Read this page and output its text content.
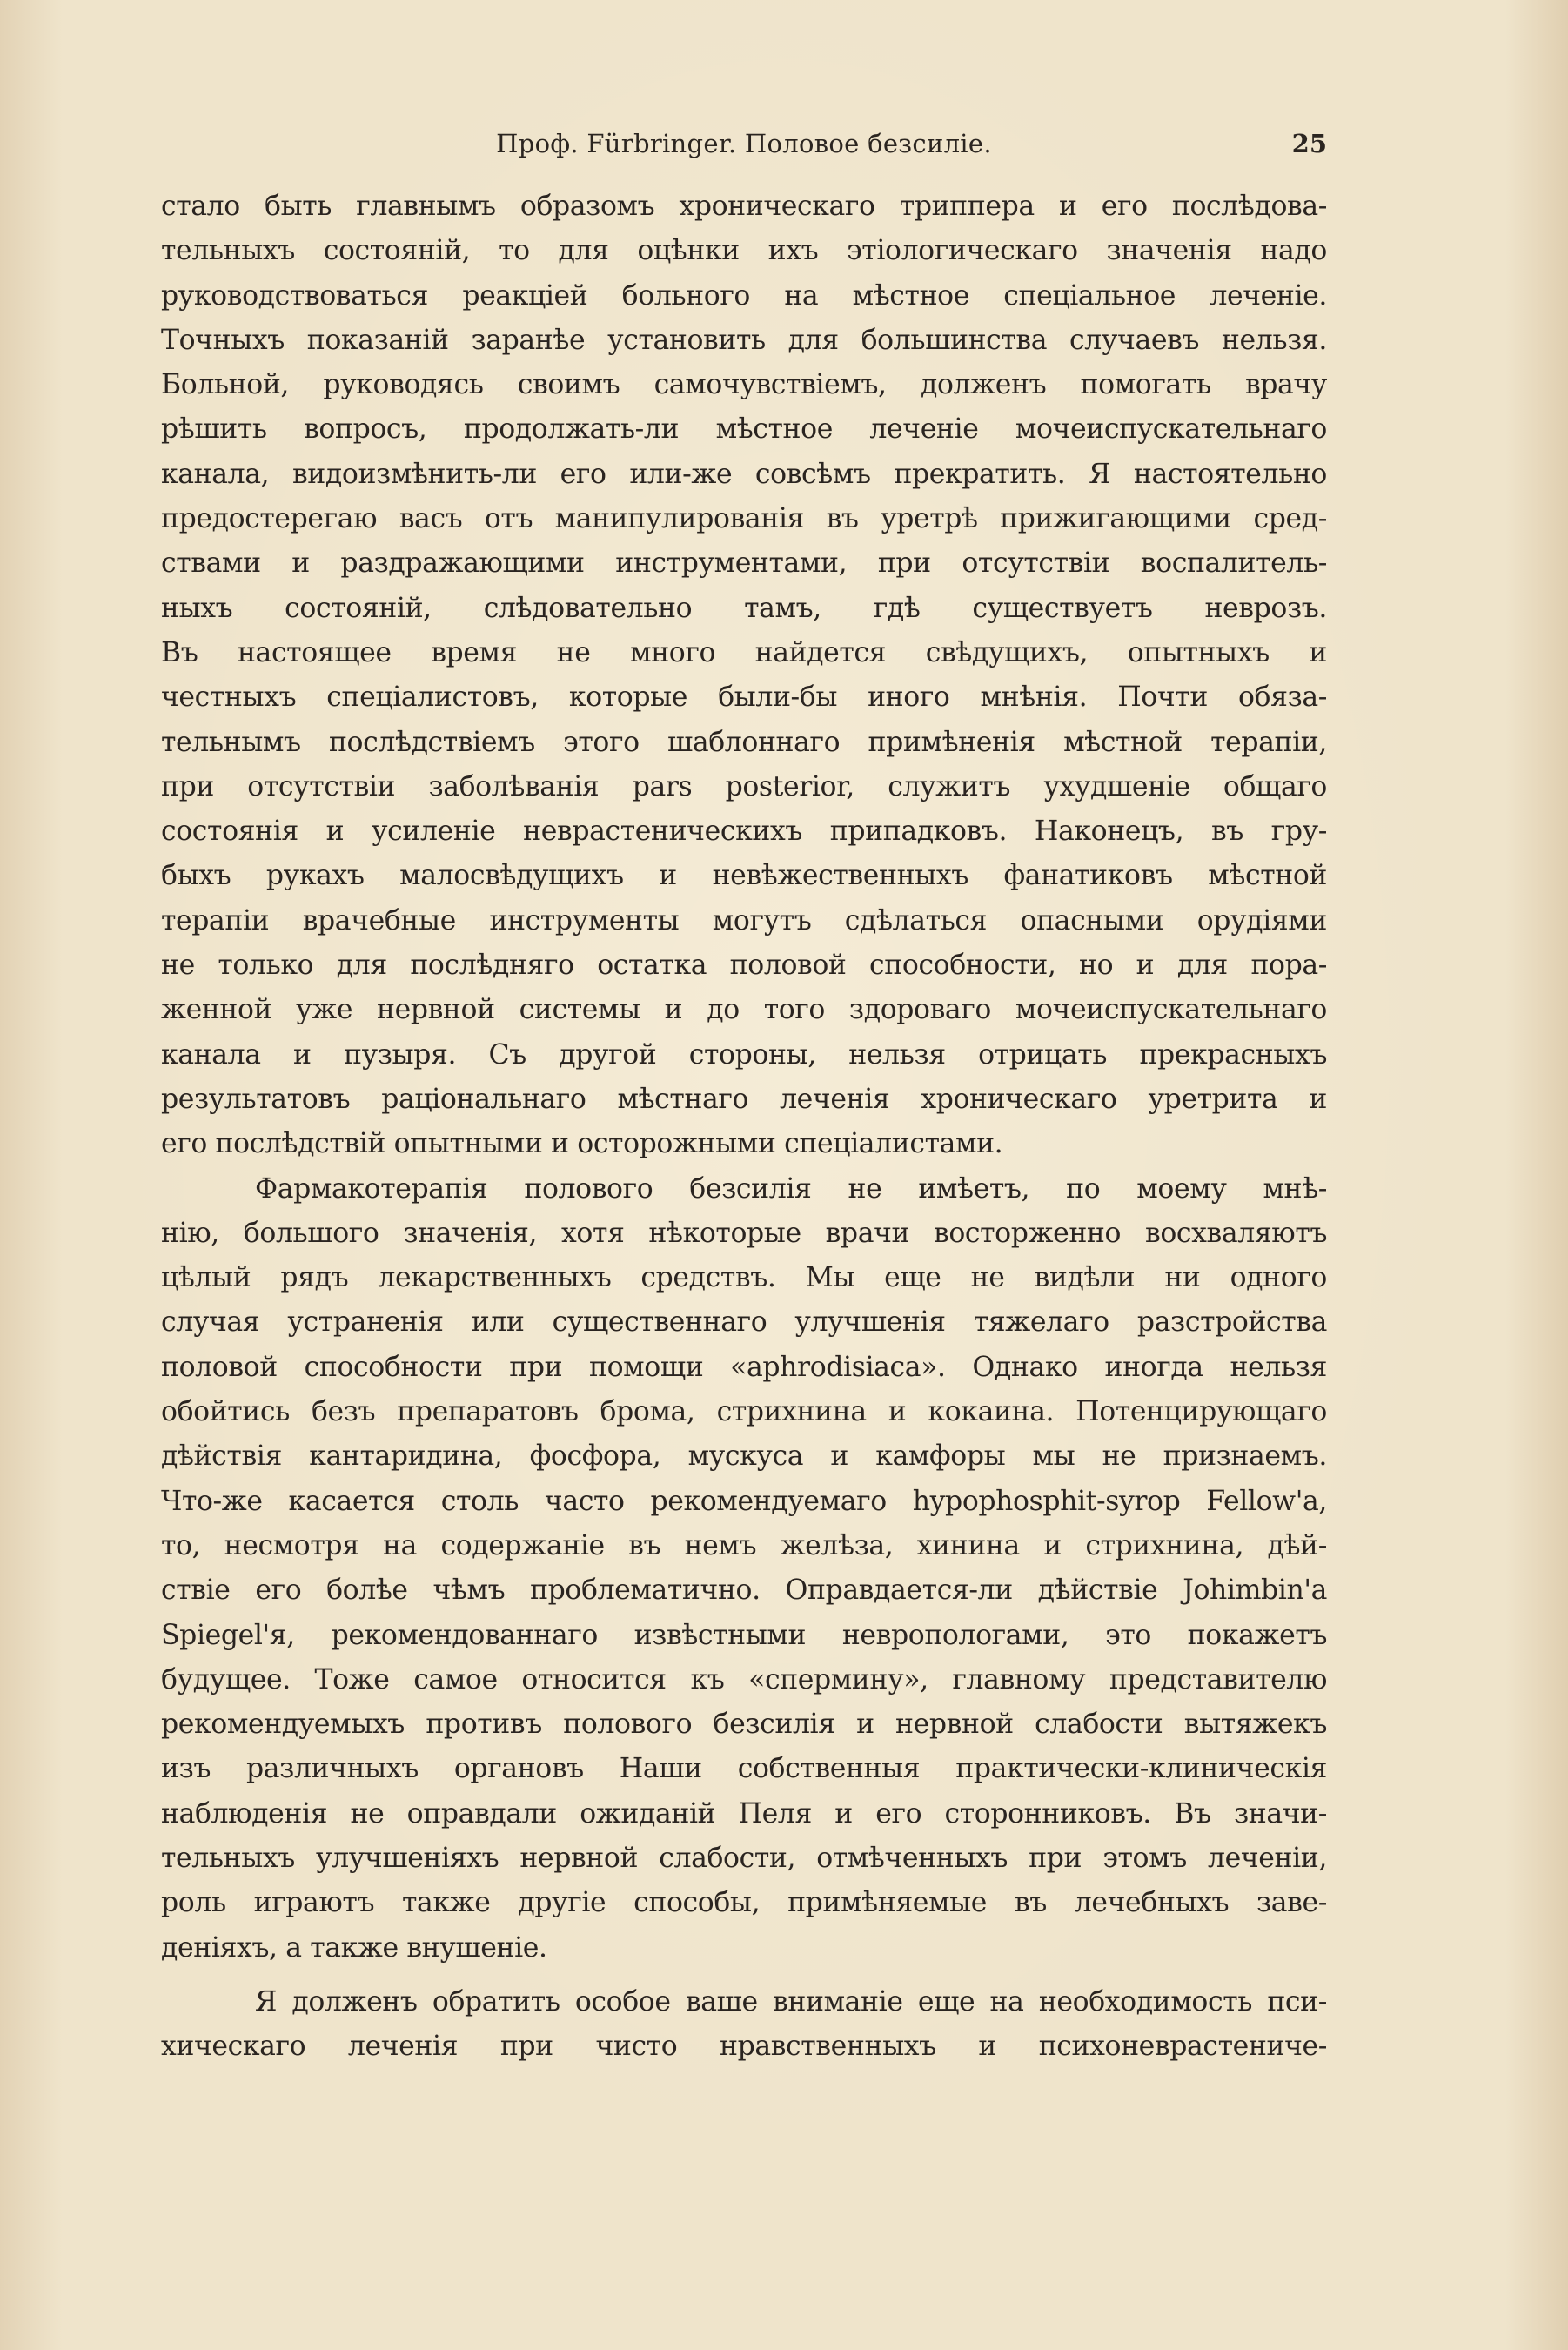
Проф. Fürbringer. Половое безсиліе.	25
стало быть главнымъ образомъ хроническаго триппера и его послѣдова-
тельныхъ состояній, то для оцѣнки ихъ этіологическаго значенія надо
руководствоваться реакціей больного на мѣстное спеціальное леченіе.
Точныхъ показаній заранѣе установить для большинства случаевъ нельзя.
Больной, руководясь своимъ самочувствіемъ, долженъ помогать врачу
рѣшить вопросъ, продолжать-ли мѣстное леченіе мочеиспускательнаго
канала, видоизмѣнить-ли его или-же совсѣмъ прекратить. Я настоятельно
предостерегаю васъ отъ манипулированія въ уретрѣ прижигающими сред-
ствами и раздражающими инструментами, при отсутствіи воспалитель-
ныхъ состояній, слѣдовательно тамъ, гдѣ существуетъ неврозъ.
Въ настоящее время не много найдется свѣдущихъ, опытныхъ и
честныхъ спеціалистовъ, которые были-бы иного мнѣнія. Почти обяза-
тельнымъ послѣдствіемъ этого шаблоннаго примѣненія мѣстной терапіи,
при отсутствіи заболѣванія pars posterior, служитъ ухудшеніе общаго
состоянія и усиленіе неврастеническихъ припадковъ. Наконецъ, въ гру-
быхъ рукахъ малосвѣдущихъ и невѣжественныхъ фанатиковъ мѣстной
терапіи врачебные инструменты могутъ сдѣлаться опасными орудіями
не только для послѣдняго остатка половой способности, но и для пора-
женной уже нервной системы и до того здороваго мочеиспускательнаго
канала и пузыря. Съ другой стороны, нельзя отрицать прекрасныхъ
результатовъ раціональнаго мѣстнаго леченія хроническаго уретрита и
его послѣдствій опытными и осторожными спеціалистами.
Фармакотерапія полового безсилія не имѣетъ, по моему мнѣ-
нію, большого значенія, хотя нѣкоторые врачи восторженно восхваляютъ
цѣлый рядъ лекарственныхъ средствъ. Мы еще не видѣли ни одного
случая устраненія или существеннаго улучшенія тяжелаго разстройства
половой способности при помощи «aphrodisiaca». Однако иногда нельзя
обойтись безъ препаратовъ брома, стрихнина и кокаина. Потенцирующаго
дѣйствія кантаридина, фосфора, мускуса и камфоры мы не признаемъ.
Что-же касается столь часто рекомендуемаго hypophosphit-syrop Fellow'а,
то, несмотря на содержаніе въ немъ желѣза, хинина и стрихнина, дѣй-
ствіе его болѣе чѣмъ проблематично. Оправдается-ли дѣйствіе Johimbin'а
Spiegel'я, рекомендованнаго извѣстными невропологами, это покажетъ
будущее. Тоже самое относится къ «спермину», главному представителю
рекомендуемыхъ противъ полового безсилія и нервной слабости вытяжекъ
изъ различныхъ органовъ Наши собственныя практически-клиническія
наблюденія не оправдали ожиданій Пеля и его сторонниковъ. Въ значи-
тельныхъ улучшеніяхъ нервной слабости, отмѣченныхъ при этомъ леченіи,
роль играютъ также другіе способы, примѣняемые въ лечебныхъ заве-
деніяхъ, а также внушеніе.
Я долженъ обратить особое ваше вниманіе еще на необходимость пси-
хическаго леченія при чисто нравственныхъ и психоневрастениче-
